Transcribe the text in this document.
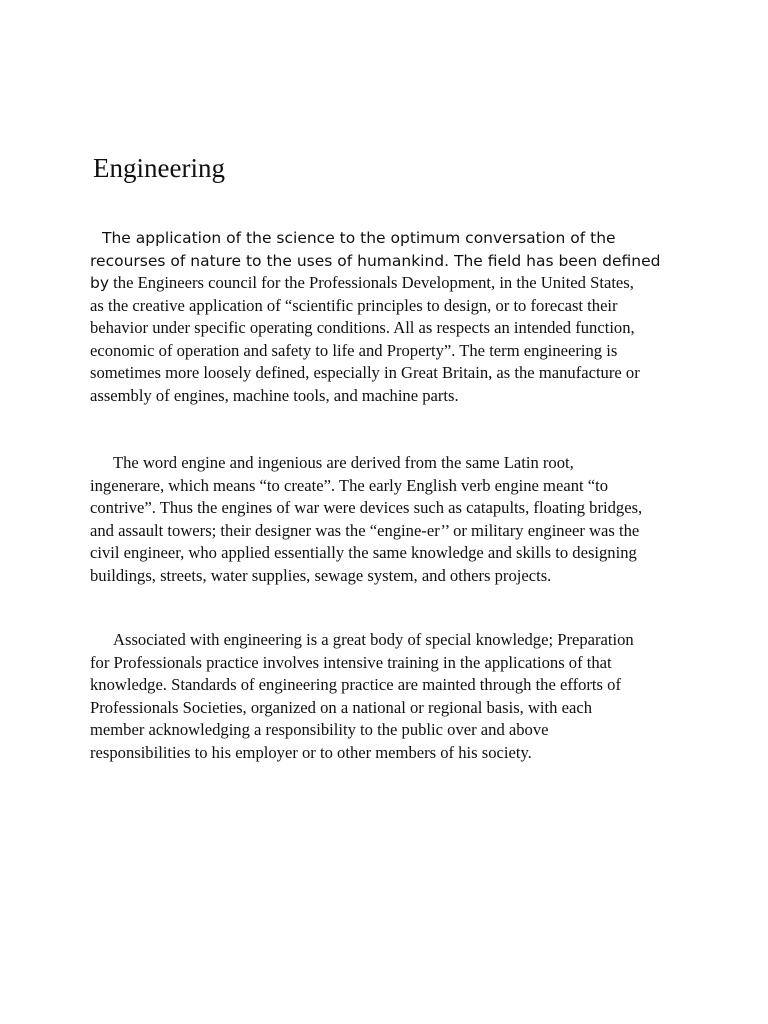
Engineering
The application of the science to the optimum conversation of the
recourses of nature to the uses of humankind. The field has been defined
by the Engineers council for the Professionals Development, in the United States,
as the creative application of “scientific principles to design, or to forecast their
behavior under specific operating conditions. All as respects an intended function,
economic of operation and safety to life and Property”. The term engineering is
sometimes more loosely defined, especially in Great Britain, as the manufacture or
assembly of engines, machine tools, and machine parts.
The word engine and ingenious are derived from the same Latin root,
ingenerare, which means “to create”. The early English verb engine meant “to
contrive”. Thus the engines of war were devices such as catapults, floating bridges,
and assault towers; their designer was the “engine-er’’ or military engineer was the
civil engineer, who applied essentially the same knowledge and skills to designing
buildings, streets, water supplies, sewage system, and others projects.
Associated with engineering is a great body of special knowledge; Preparation
for Professionals practice involves intensive training in the applications of that
knowledge. Standards of engineering practice are mainted through the efforts of
Professionals Societies, organized on a national or regional basis, with each
member acknowledging a responsibility to the public over and above
responsibilities to his employer or to other members of his society.
